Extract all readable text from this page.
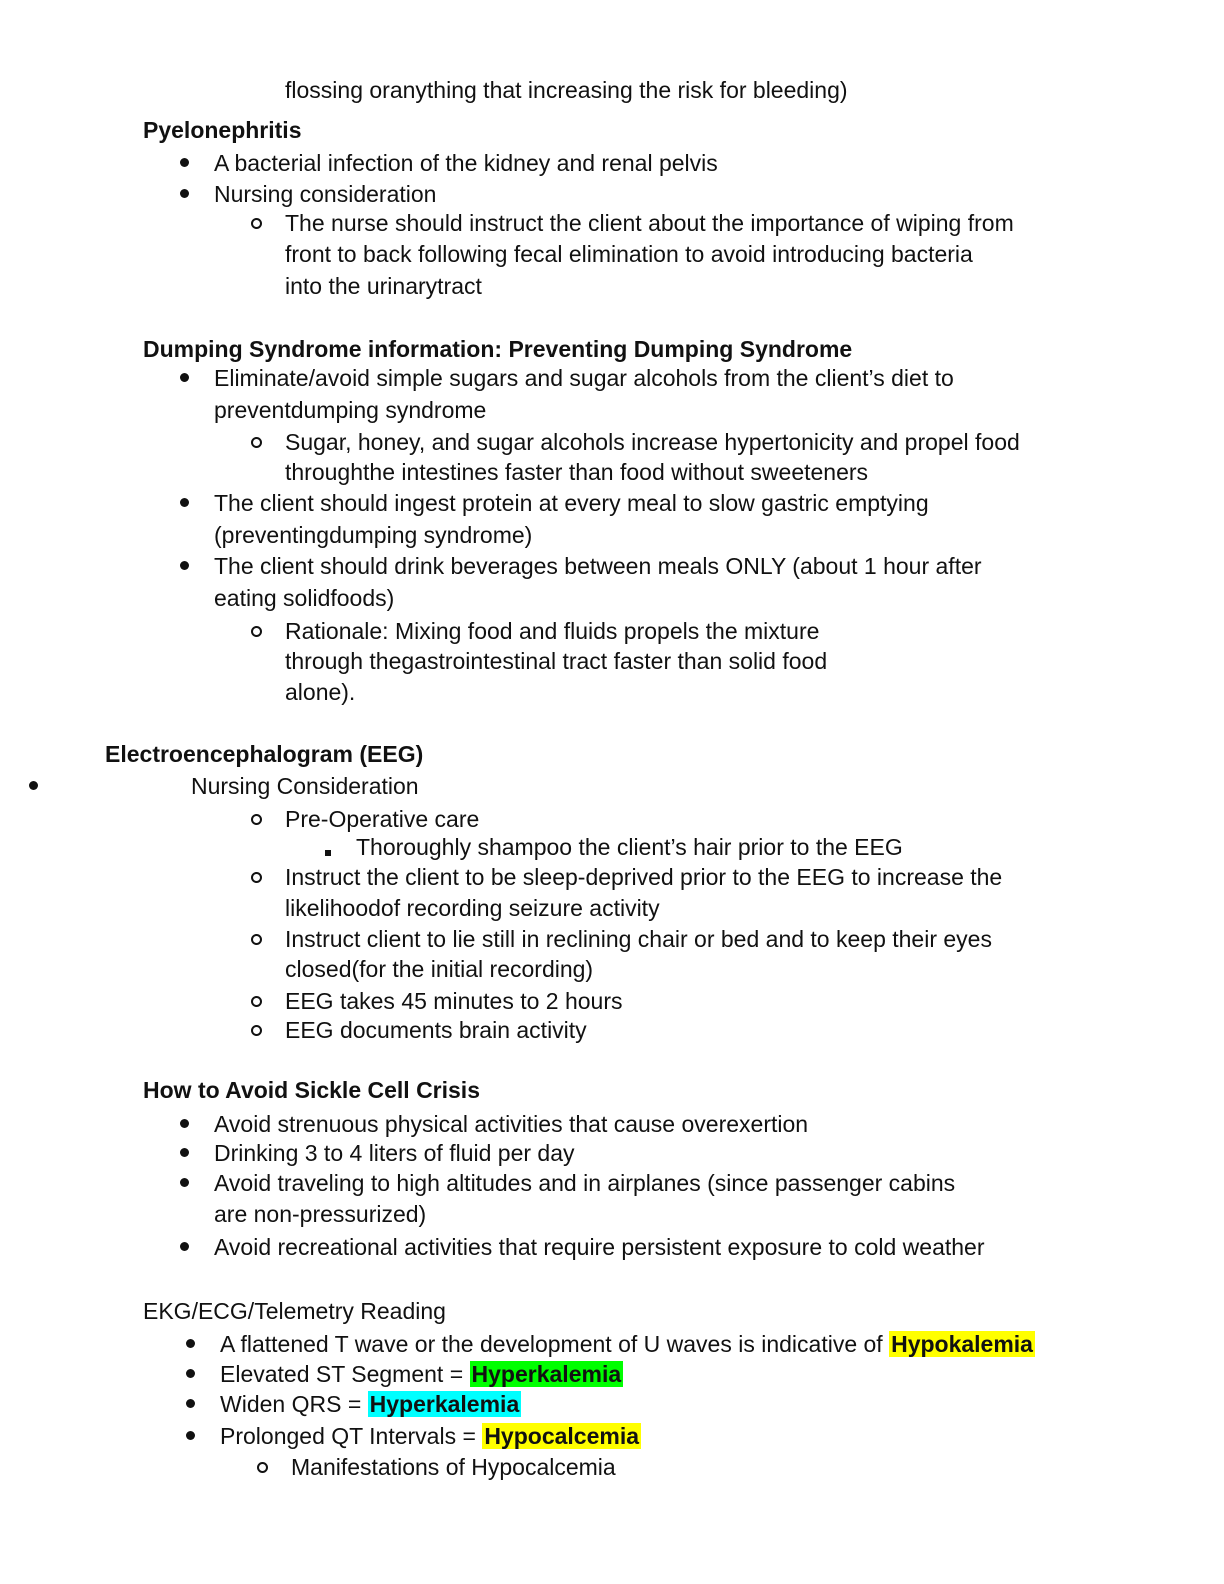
flossing oranything that increasing the risk for bleeding)

Pyelonephritis

A bacterial infection of the kidney and renal pelvis

Nursing consideration

The nurse should instruct the client about the importance of wiping from

front to back following fecal elimination to avoid introducing bacteria

into the urinarytract

Dumping Syndrome information: Preventing Dumping Syndrome

Eliminate/avoid simple sugars and sugar alcohols from the client’s diet to

preventdumping syndrome

Sugar, honey, and sugar alcohols increase hypertonicity and propel food

throughthe intestines faster than food without sweeteners

The client should ingest protein at every meal to slow gastric emptying

(preventingdumping syndrome)

The client should drink beverages between meals ONLY (about 1 hour after

eating solidfoods)

Rationale: Mixing food and fluids propels the mixture

through thegastrointestinal tract faster than solid food

alone).

Electroencephalogram (EEG)

Nursing Consideration

Pre-Operative care

Thoroughly shampoo the client’s hair prior to the EEG

Instruct the client to be sleep-deprived prior to the EEG to increase the

likelihoodof recording seizure activity

Instruct client to lie still in reclining chair or bed and to keep their eyes

closed(for the initial recording)

EEG takes 45 minutes to 2 hours

EEG documents brain activity

How to Avoid Sickle Cell Crisis

Avoid strenuous physical activities that cause overexertion

Drinking 3 to 4 liters of fluid per day

Avoid traveling to high altitudes and in airplanes (since passenger cabins

are non-pressurized)

Avoid recreational activities that require persistent exposure to cold weather

EKG/ECG/Telemetry Reading

A flattened T wave or the development of U waves is indicative of Hypokalemia

Elevated ST Segment = Hyperkalemia

Widen QRS = Hyperkalemia

Prolonged QT Intervals = Hypocalcemia

Manifestations of Hypocalcemia
